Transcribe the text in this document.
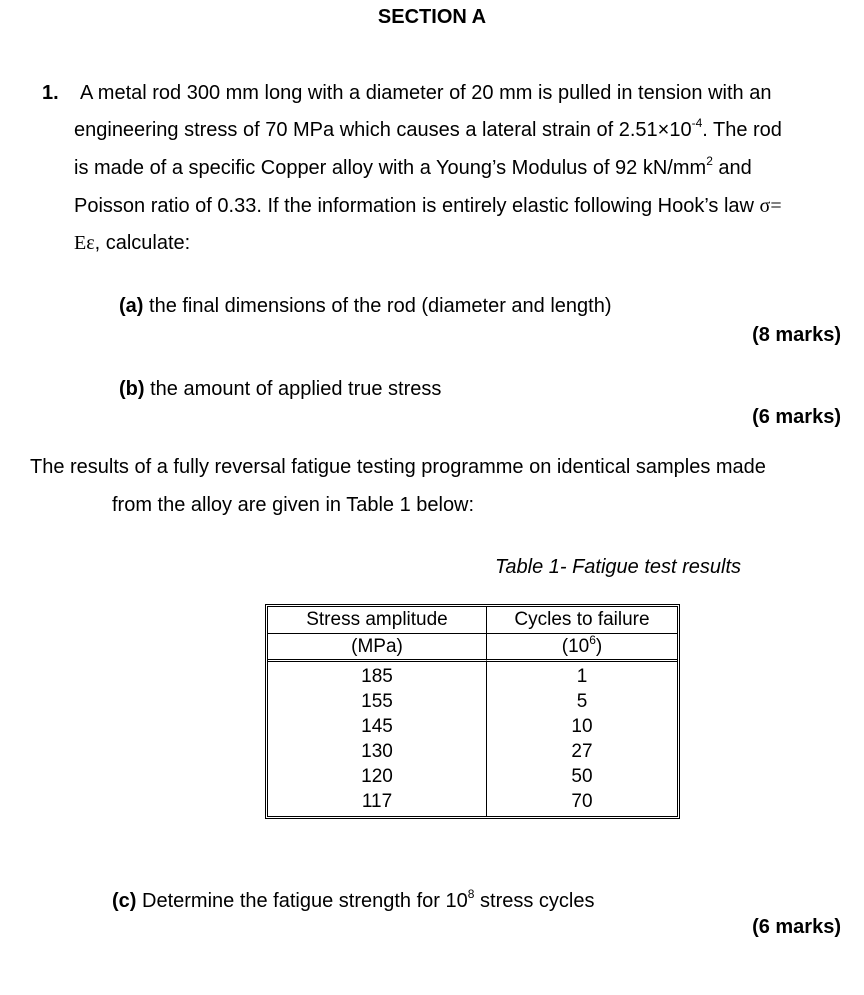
SECTION A
1. A metal rod 300 mm long with a diameter of 20 mm is pulled in tension with an
engineering stress of 70 MPa which causes a lateral strain of $2.51\times 10^{-4}$. The rod
is made of a specific Copper alloy with a Young’s Modulus of 92 $kN/mm^2$ and
Poisson ratio of 0.33. If the information is entirely elastic following Hook’s law σ=
Eε, calculate:
(a) the final dimensions of the rod (diameter and length)
(8 marks)
(b) the amount of applied true stress
(6 marks)
The results of a fully reversal fatigue testing programme on identical samples made
from the alloy are given in Table 1 below:
Table 1- Fatigue test results
Stress amplitude	Cycles to failure
(MPa)	$(10^6)$
185	1
155	5
145	10
130	27
120	50
117	70
(c) Determine the fatigue strength for $10^8$ stress cycles
(6 marks)
